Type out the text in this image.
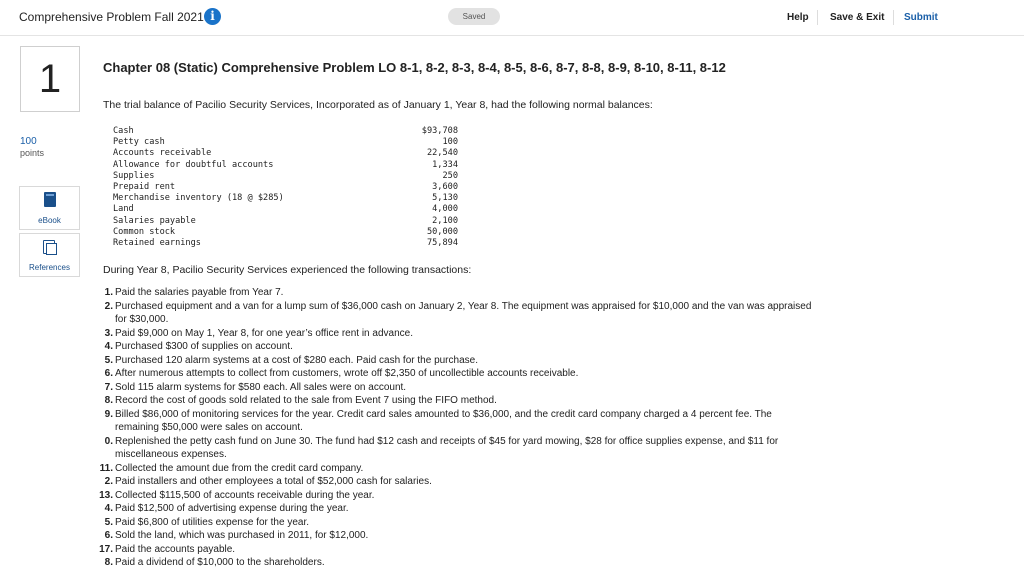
Comprehensive Problem Fall 2021 i	Saved	Help Save & Exit Submit
1
100
points
eBook
References
Chapter 08 (Static) Comprehensive Problem LO 8-1, 8-2, 8-3, 8-4, 8-5, 8-6, 8-7, 8-8, 8-9, 8-10, 8-11, 8-12
The trial balance of Pacilio Security Services, Incorporated as of January 1, Year 8, had the following normal balances:
Cash	$93,708
Petty cash	100
Accounts receivable	22,540
Allowance for doubtful accounts	1,334
Supplies	250
Prepaid rent	3,600
Merchandise inventory (18 @ $285)	5,130
Land	4,000
Salaries payable	2,100
Common stock	50,000
Retained earnings	75,894
During Year 8, Pacilio Security Services experienced the following transactions:
1. Paid the salaries payable from Year 7.
2. Purchased equipment and a van for a lump sum of $36,000 cash on January 2, Year 8. The equipment was appraised for $10,000 and the van was appraised for $30,000.
3. Paid $9,000 on May 1, Year 8, for one year’s office rent in advance.
4. Purchased $300 of supplies on account.
5. Purchased 120 alarm systems at a cost of $280 each. Paid cash for the purchase.
6. After numerous attempts to collect from customers, wrote off $2,350 of uncollectible accounts receivable.
7. Sold 115 alarm systems for $580 each. All sales were on account.
8. Record the cost of goods sold related to the sale from Event 7 using the FIFO method.
9. Billed $86,000 of monitoring services for the year. Credit card sales amounted to $36,000, and the credit card company charged a 4 percent fee. The remaining $50,000 were sales on account.
0. Replenished the petty cash fund on June 30. The fund had $12 cash and receipts of $45 for yard mowing, $28 for office supplies expense, and $11 for miscellaneous expenses.
11. Collected the amount due from the credit card company.
2. Paid installers and other employees a total of $52,000 cash for salaries.
13. Collected $115,500 of accounts receivable during the year.
4. Paid $12,500 of advertising expense during the year.
5. Paid $6,800 of utilities expense for the year.
6. Sold the land, which was purchased in 2011, for $12,000.
17. Paid the accounts payable.
8. Paid a dividend of $10,000 to the shareholders.
